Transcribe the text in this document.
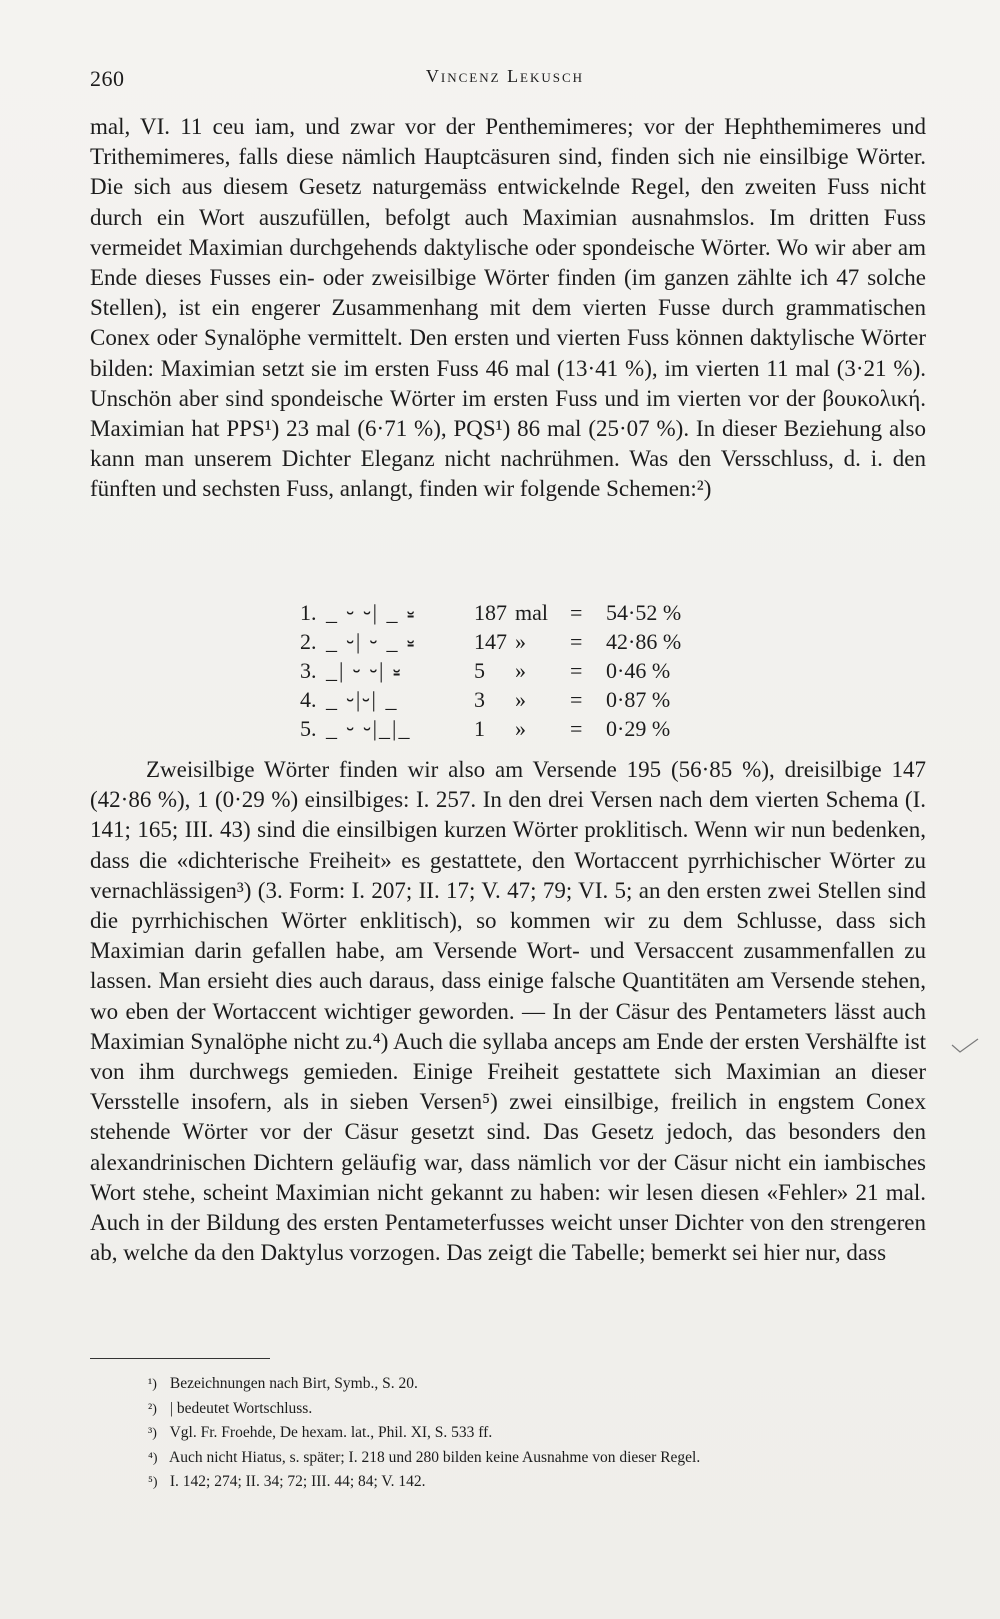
260	Vincenz Lekusch

mal, VI. 11 ceu iam, und zwar vor der Penthemimeres; vor der Hephthemimeres und Trithemimeres, falls diese nämlich Hauptcäsuren sind, finden sich nie einsilbige Wörter. Die sich aus diesem Gesetz naturgemäss entwickelnde Regel, den zweiten Fuss nicht durch ein Wort auszufüllen, befolgt auch Maximian ausnahmslos. Im dritten Fuss vermeidet Maximian durchgehends daktylische oder spondeische Wörter. Wo wir aber am Ende dieses Fusses ein- oder zweisilbige Wörter finden (im ganzen zählte ich 47 solche Stellen), ist ein engerer Zusammenhang mit dem vierten Fusse durch grammatischen Conex oder Synalöphe vermittelt. Den ersten und vierten Fuss können daktylische Wörter bilden: Maximian setzt sie im ersten Fuss 46 mal (13·41 %), im vierten 11 mal (3·21 %). Unschön aber sind spondeische Wörter im ersten Fuss und im vierten vor der βουκολική. Maximian hat PPS¹) 23 mal (6·71 %), PQS¹) 86 mal (25·07 %). In dieser Beziehung also kann man unserem Dichter Eleganz nicht nachrühmen. Was den Versschluss, d. i. den fünften und sechsten Fuss, anlangt, finden wir folgende Schemen:²)

1. _ ⏑ ⏑| _ ⏓	187 mal = 54·52 %
2. _ ⏑| ⏑ _ ⏓	147 » = 42·86 %
3. _| ⏑ ⏑| ⏓	5 » = 0·46 %
4. _ ⏑|⏑| _	3 » = 0·87 %
5. _ ⏑ ⏑|_|_	1 » = 0·29 %

Zweisilbige Wörter finden wir also am Versende 195 (56·85 %), dreisilbige 147 (42·86 %), 1 (0·29 %) einsilbiges: I. 257. In den drei Versen nach dem vierten Schema (I. 141; 165; III. 43) sind die einsilbigen kurzen Wörter proklitisch. Wenn wir nun bedenken, dass die «dichterische Freiheit» es gestattete, den Wortaccent pyrrhichischer Wörter zu vernachlässigen³) (3. Form: I. 207; II. 17; V. 47; 79; VI. 5; an den ersten zwei Stellen sind die pyrrhichischen Wörter enklitisch), so kommen wir zu dem Schlusse, dass sich Maximian darin gefallen habe, am Versende Wort- und Versaccent zusammenfallen zu lassen. Man ersieht dies auch daraus, dass einige falsche Quantitäten am Versende stehen, wo eben der Wortaccent wichtiger geworden. — In der Cäsur des Pentameters lässt auch Maximian Synalöphe nicht zu.⁴) Auch die syllaba anceps am Ende der ersten Vershälfte ist von ihm durchwegs gemieden. Einige Freiheit gestattete sich Maximian an dieser Versstelle insofern, als in sieben Versen⁵) zwei einsilbige, freilich in engstem Conex stehende Wörter vor der Cäsur gesetzt sind. Das Gesetz jedoch, das besonders den alexandrinischen Dichtern geläufig war, dass nämlich vor der Cäsur nicht ein iambisches Wort stehe, scheint Maximian nicht gekannt zu haben: wir lesen diesen «Fehler» 21 mal. Auch in der Bildung des ersten Pentameterfusses weicht unser Dichter von den strengeren ab, welche da den Daktylus vorzogen. Das zeigt die Tabelle; bemerkt sei hier nur, dass

¹) Bezeichnungen nach Birt, Symb., S. 20.
²) | bedeutet Wortschluss.
³) Vgl. Fr. Froehde, De hexam. lat., Phil. XI, S. 533 ff.
⁴) Auch nicht Hiatus, s. später; I. 218 und 280 bilden keine Ausnahme von dieser Regel.
⁵) I. 142; 274; II. 34; 72; III. 44; 84; V. 142.
